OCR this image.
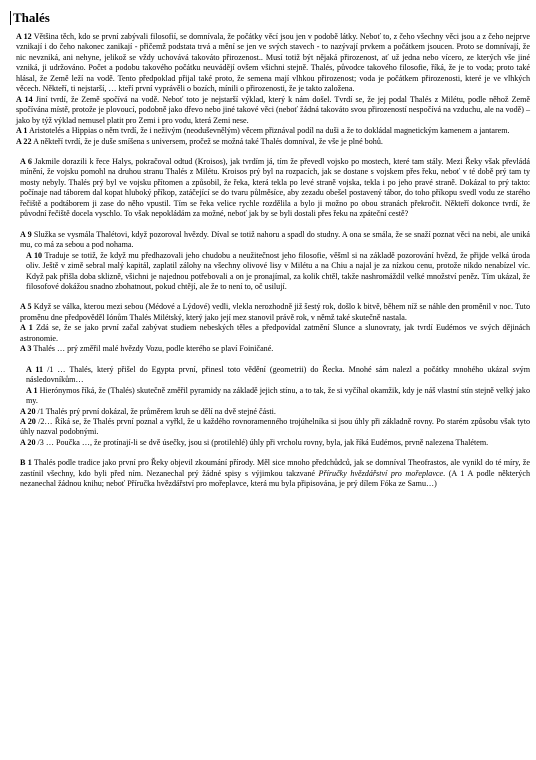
Thalés

A 12 Většina těch, kdo se první zabývali filosofií, se domnívala, že počátky věcí jsou jen v podobě látky. Neboť to, z čeho všechny věci jsou a z čeho nejprve vznikají i do čeho nakonec zanikají - přičemž podstata trvá a mění se jen ve svých stavech - to nazývají prvkem a počátkem jsoucen. Proto se domnívají, že nic nevzniká, ani nehyne, jelikož se vždy uchovává takováto přirozenost.. Musí totiž být nějaká přirozenost, ať už jedna nebo vícero, ze kterých vše jiné vzniká, ji udržováno. Počet a podobu takového počátku neuvádějí ovšem všichni stejně. Thalés, původce takového filosofie, říká, že je to voda; proto také hlásal, že Země leží na vodě. Tento předpoklad přijal také proto, že semena mají vlhkou přirozenost; voda je počátkem přirozenosti, které je ve vlhkých věcech. Někteří, ti nejstarší, … kteří první vyprávěli o bozích, mínili o přirozenosti, že je takto založena.

A 14 Jiní tvrdí, že Země spočívá na vodě. Neboť toto je nejstarší výklad, který k nám došel. Tvrdí se, že jej podal Thalés z Milétu, podle něhož Země spočívána místě, protože je plovoucí, podobně jako dřevo nebo jiné takové věci (neboť žádná takováto svou přirozeností nespočívá na vzduchu, ale na vodě) – jako by týž výklad nemusel platit pro Zemi i pro vodu, která Zemi nese.

A 1 Aristotelés a Hippias o něm tvrdí, že i neživým (neoduševnělým) věcem přiznával podíl na duši a že to dokládal magnetickým kamenem a jantarem.

A 22 A někteří tvrdí, že je duše smíšena s universem, pročež se možná také Thalés domníval, že vše je plné bohů.

A 6 Jakmile dorazili k řece Halys, pokračoval odtud (Kroisos), jak tvrdím já, tím že převedl vojsko po mostech, které tam stály. Mezi Řeky však převládá mínění, že vojsku pomohl na druhou stranu Thalés z Milétu. Kroisos prý byl na rozpacích, jak se dostane s vojskem přes řeku, neboť v té době prý tam ty mosty nebyly. Thalés prý byl ve vojsku přítomen a způsobil, že řeka, která tekla po levé straně vojska, tekla i po jeho pravé straně. Dokázal to prý takto: počínaje nad táborem dal kopat hluboký příkop, zatáčející se do tvaru půlměsíce, aby zezadu obešel postavený tábor, do toho příkopu svedl vodu ze starého řečiště a podtáborem ji zase do něho vpustil. Tím se řeka velice rychle rozdělila a bylo ji možno po obou stranách překročit. Někteří dokonce tvrdí, že původní řečiště docela vyschlo. To však nepokládám za možné, neboť jak by se byli dostali přes řeku na zpáteční cestě?

A 9 Služka se vysmála Thalétovi, když pozoroval hvězdy. Díval se totiž nahoru a spadl do studny. A ona se smála, že se snaží poznat věci na nebi, ale uniká mu, co má za sebou a pod nohama.

A 10 Traduje se totiž, že když mu předhazovali jeho chudobu a neužitečnost jeho filosofie, věšml si na základě pozorování hvězd, že přijde velká úroda oliv. Ještě v zimě sebral malý kapitál, zaplatil zálohy na všechny olivové lisy v Milétu a na Chiu a najal je za nízkou cenu, protože nikdo nenabízel víc. Když pak přišla doba sklizně, všichni je najednou potřebovali a on je pronajímal, za kolik chtěl, takže nashromáždil velké množství peněz. Tím ukázal, že filosofové dokážou snadno zbohatnout, pokud chtějí, ale že to není to, oč usilují.

A 5 Když se válka, kterou mezi sebou (Médové a Lýdové) vedli, vlekla nerozhodně již šestý rok, došlo k bitvě, během níž se náhle den proměnil v noc. Tuto proměnu dne předpověděl Iónům Thalés Milétský, který jako její mez stanovil právě rok, v němž také skutečně nastala.

A 1 Zdá se, že se jako první začal zabývat studiem nebeských těles a předpovídal zatmění Slunce a slunovraty, jak tvrdí Eudémos ve svých dějinách astronomie.

A 3 Thalés … prý změřil malé hvězdy Vozu, podle kterého se plaví Foiničané.

A 11 /1 … Thalés, který přišel do Egypta první, přinesl toto vědění (geometrii) do Řecka. Mnohé sám nalezl a počátky mnohého ukázal svým následovníkům…

A 1 Hierónymos říká, že (Thalés) skutečně změřil pyramidy na základě jejich stínu, a to tak, že si vyčíhal okamžik, kdy je náš vlastní stín stejně velký jako my.

A 20 /1 Thalés prý první dokázal, že průměrem kruh se dělí na dvě stejné části.

A 20 /2… Říká se, že Thalés první poznal a vyřkl, že u každého rovnoramenného trojúhelníka si jsou úhly při základně rovny. Po starém způsobu však tyto úhly nazval podobnými.

A 20 /3 … Poučka …, že protínají-li se dvě úsečky, jsou si (protilehlé) úhly při vrcholu rovny, byla, jak říká Eudémos, prvně nalezena Thalétem.

B 1 Thalés podle tradice jako první pro Řeky objevil zkoumání přírody. Měl sice mnoho předchůdců, jak se domníval Theofrastos, ale vynikl do té míry, že zastínil všechny, kdo byli před ním. Nezanechal prý žádné spisy s výjimkou takzvané Příručky hvězdářství pro mořeplavce. (A 1 A podle některých nezanechal žádnou knihu; neboť Příručka hvězdářství pro mořeplavce, která mu byla připisována, je prý dílem Fóka ze Samu…)
